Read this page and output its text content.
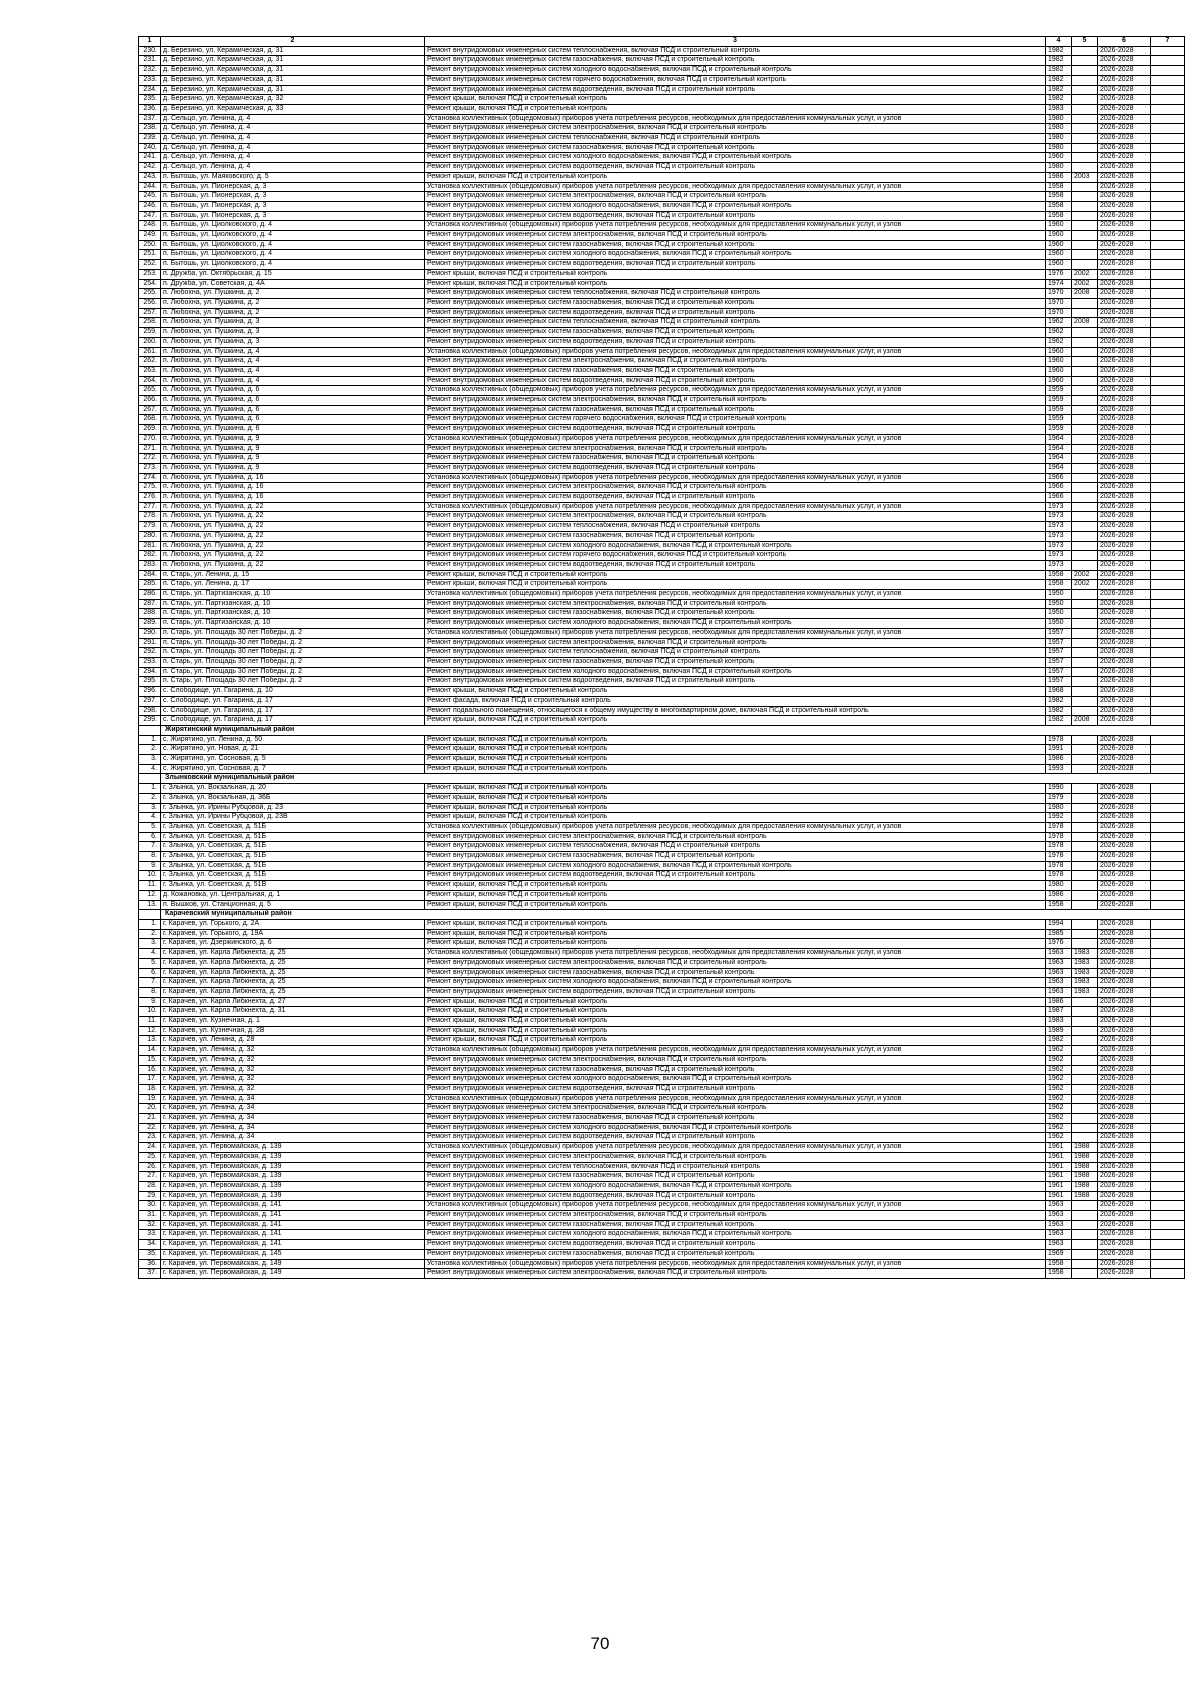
1	2	3	4	5	6	7
230.	д. Березино, ул. Керамическая, д. 31	Ремонт внутридомовых инженерных систем теплоснабжения, включая ПСД и строительный контроль	1982		2026-2028	
231.	д. Березино, ул. Керамическая, д. 31	Ремонт внутридомовых инженерных систем газоснабжения, включая ПСД и строительный контроль	1982		2026-2028	
232.	д. Березино, ул. Керамическая, д. 31	Ремонт внутридомовых инженерных систем холодного водоснабжения, включая ПСД и строительный контроль	1982		2026-2028	
233.	д. Березино, ул. Керамическая, д. 31	Ремонт внутридомовых инженерных систем горячего водоснабжения, включая ПСД и строительный контроль	1982		2026-2028	
234.	д. Березино, ул. Керамическая, д. 31	Ремонт внутридомовых инженерных систем водоотведения, включая ПСД и строительный контроль	1982		2026-2028	
235.	д. Березино, ул. Керамическая, д. 32	Ремонт крыши, включая ПСД и строительный контроль	1982		2026-2028	
236.	д. Березино, ул. Керамическая, д. 33	Ремонт крыши, включая ПСД и строительный контроль	1983		2026-2028	
237.	д. Сельцо, ул. Ленина, д. 4	Установка коллективных (общедомовых) приборов учета потребления ресурсов, необходимых для предоставления коммунальных услуг, и узлов	1980		2026-2028	
238.	д. Сельцо, ул. Ленина, д. 4	Ремонт внутридомовых инженерных систем электроснабжения, включая ПСД и строительный контроль	1980		2026-2028	
239.	д. Сельцо, ул. Ленина, д. 4	Ремонт внутридомовых инженерных систем теплоснабжения, включая ПСД и строительный контроль	1980		2026-2028	
240.	д. Сельцо, ул. Ленина, д. 4	Ремонт внутридомовых инженерных систем газоснабжения, включая ПСД и строительный контроль	1980		2026-2028	
241.	д. Сельцо, ул. Ленина, д. 4	Ремонт внутридомовых инженерных систем холодного водоснабжения, включая ПСД и строительный контроль	1960		2026-2028	
242.	д. Сельцо, ул. Ленина, д. 4	Ремонт внутридомовых инженерных систем водоотведения, включая ПСД и строительный контроль	1980		2026-2028	
243.	п. Бытошь, ул. Маяковского, д. 5	Ремонт крыши, включая ПСД и строительный контроль	1986	2003	2026-2028	
244.	п. Бытошь, ул. Пионерская, д. 3	Установка коллективных (общедомовых) приборов учета потребления ресурсов, необходимых для предоставления коммунальных услуг, и узлов	1958		2026-2028	
245.	п. Бытошь, ул. Пионерская, д. 3	Ремонт внутридомовых инженерных систем электроснабжения, включая ПСД и строительный контроль	1958		2026-2028	
246.	п. Бытошь, ул. Пионерская, д. 3	Ремонт внутридомовых инженерных систем холодного водоснабжения, включая ПСД и строительный контроль	1958		2026-2028	
247.	п. Бытошь, ул. Пионерская, д. 3	Ремонт внутридомовых инженерных систем водоотведения, включая ПСД и строительный контроль	1958		2026-2028	
248.	п. Бытошь, ул. Циолковского, д. 4	Установка коллективных (общедомовых) приборов учета потребления ресурсов, необходимых для предоставления коммунальных услуг, и узлов	1960		2026-2028	
249.	п. Бытошь, ул. Циолковского, д. 4	Ремонт внутридомовых инженерных систем электроснабжения, включая ПСД и строительный контроль	1960		2026-2028	
250.	п. Бытошь, ул. Циолковского, д. 4	Ремонт внутридомовых инженерных систем газоснабжения, включая ПСД и строительный контроль	1960		2026-2028	
251.	п. Бытошь, ул. Циолковского, д. 4	Ремонт внутридомовых инженерных систем холодного водоснабжения, включая ПСД и строительный контроль	1960		2026-2028	
252.	п. Бытошь, ул. Циолковского, д. 4	Ремонт внутридомовых инженерных систем водоотведения, включая ПСД и строительный контроль	1960		2026-2028	
253.	п. Дружба, ул. Октябрьская, д. 15	Ремонт крыши, включая ПСД и строительный контроль	1976	2002	2026-2028	
254.	п. Дружба, ул. Советская, д. 4А	Ремонт крыши, включая ПСД и строительный контроль	1974	2002	2026-2028	
255.	п. Любохна, ул. Пушкина, д. 2	Ремонт внутридомовых инженерных систем теплоснабжения, включая ПСД и строительный контроль	1970	2008	2026-2028	
256.	п. Любохна, ул. Пушкина, д. 2	Ремонт внутридомовых инженерных систем газоснабжения, включая ПСД и строительный контроль	1970		2026-2028	
257.	п. Любохна, ул. Пушкина, д. 2	Ремонт внутридомовых инженерных систем водоотведения, включая ПСД и строительный контроль	1970		2026-2028	
258.	п. Любохна, ул. Пушкина, д. 3	Ремонт внутридомовых инженерных систем теплоснабжения, включая ПСД и строительный контроль	1962	2008	2026-2028	
259.	п. Любохна, ул. Пушкина, д. 3	Ремонт внутридомовых инженерных систем газоснабжения, включая ПСД и строительный контроль	1962		2026-2028	
260.	п. Любохна, ул. Пушкина, д. 3	Ремонт внутридомовых инженерных систем водоотведения, включая ПСД и строительный контроль	1962		2026-2028	
261.	п. Любохна, ул. Пушкина, д. 4	Установка коллективных (общедомовых) приборов учета потребления ресурсов, необходимых для предоставления коммунальных услуг, и узлов	1960		2026-2028	
262.	п. Любохна, ул. Пушкина, д. 4	Ремонт внутридомовых инженерных систем электроснабжения, включая ПСД и строительный контроль	1960		2026-2028	
263.	п. Любохна, ул. Пушкина, д. 4	Ремонт внутридомовых инженерных систем газоснабжения, включая ПСД и строительный контроль	1960		2026-2028	
264.	п. Любохна, ул. Пушкина, д. 4	Ремонт внутридомовых инженерных систем водоотведения, включая ПСД и строительный контроль	1960		2026-2028	
265.	п. Любохна, ул. Пушкина, д. 6	Установка коллективных (общедомовых) приборов учета потребления ресурсов, необходимых для предоставления коммунальных услуг, и узлов	1959		2026-2028	
266.	п. Любохна, ул. Пушкина, д. 6	Ремонт внутридомовых инженерных систем электроснабжения, включая ПСД и строительный контроль	1959		2026-2028	
267.	п. Любохна, ул. Пушкина, д. 6	Ремонт внутридомовых инженерных систем газоснабжения, включая ПСД и строительный контроль	1959		2026-2028	
268.	п. Любохна, ул. Пушкина, д. 6	Ремонт внутридомовых инженерных систем горячего водоснабжения, включая ПСД и строительный контроль	1959		2026-2028	
269.	п. Любохна, ул. Пушкина, д. 6	Ремонт внутридомовых инженерных систем водоотведения, включая ПСД и строительный контроль	1959		2026-2028	
270.	п. Любохна, ул. Пушкина, д. 9	Установка коллективных (общедомовых) приборов учета потребления ресурсов, необходимых для предоставления коммунальных услуг, и узлов	1964		2026-2028	
271.	п. Любохна, ул. Пушкина, д. 9	Ремонт внутридомовых инженерных систем электроснабжения, включая ПСД и строительный контроль	1964		2026-2028	
272.	п. Любохна, ул. Пушкина, д. 9	Ремонт внутридомовых инженерных систем газоснабжения, включая ПСД и строительный контроль	1964		2026-2028	
273.	п. Любохна, ул. Пушкина, д. 9	Ремонт внутридомовых инженерных систем водоотведения, включая ПСД и строительный контроль	1964		2026-2028	
274.	п. Любохна, ул. Пушкина, д. 16	Установка коллективных (общедомовых) приборов учета потребления ресурсов, необходимых для предоставления коммунальных услуг, и узлов	1966		2026-2028	
275.	п. Любохна, ул. Пушкина, д. 16	Ремонт внутридомовых инженерных систем электроснабжения, включая ПСД и строительный контроль	1966		2026-2028	
276.	п. Любохна, ул. Пушкина, д. 16	Ремонт внутридомовых инженерных систем водоотведения, включая ПСД и строительный контроль	1966		2026-2028	
277.	п. Любохна, ул. Пушкина, д. 22	Установка коллективных (общедомовых) приборов учета потребления ресурсов, необходимых для предоставления коммунальных услуг, и узлов	1973		2026-2028	
278.	п. Любохна, ул. Пушкина, д. 22	Ремонт внутридомовых инженерных систем электроснабжения, включая ПСД и строительный контроль	1973		2026-2028	
279.	п. Любохна, ул. Пушкина, д. 22	Ремонт внутридомовых инженерных систем теплоснабжения, включая ПСД и строительный контроль	1973		2026-2028	
280.	п. Любохна, ул. Пушкина, д. 22	Ремонт внутридомовых инженерных систем газоснабжения, включая ПСД и строительный контроль	1973		2026-2028	
281.	п. Любохна, ул. Пушкина, д. 22	Ремонт внутридомовых инженерных систем холодного водоснабжения, включая ПСД и строительный контроль	1973		2026-2028	
282.	п. Любохна, ул. Пушкина, д. 22	Ремонт внутридомовых инженерных систем горячего водоснабжения, включая ПСД и строительный контроль	1973		2026-2028	
283.	п. Любохна, ул. Пушкина, д. 22	Ремонт внутридомовых инженерных систем водоотведения, включая ПСД и строительный контроль	1973		2026-2028	
284.	п. Старь, ул. Ленина, д. 15	Ремонт крыши, включая ПСД и строительный контроль	1958	2002	2026-2028	
285.	п. Старь, ул. Ленина, д. 17	Ремонт крыши, включая ПСД и строительный контроль	1958	2002	2026-2028	
286.	п. Старь, ул. Партизанская, д. 10	Установка коллективных (общедомовых) приборов учета потребления ресурсов, необходимых для предоставления коммунальных услуг, и узлов	1950		2026-2028	
287.	п. Старь, ул. Партизанская, д. 10	Ремонт внутридомовых инженерных систем электроснабжения, включая ПСД и строительный контроль	1950		2026-2028	
288.	п. Старь, ул. Партизанская, д. 10	Ремонт внутридомовых инженерных систем газоснабжения, включая ПСД и строительный контроль	1950		2026-2028	
289.	п. Старь, ул. Партизанская, д. 10	Ремонт внутридомовых инженерных систем холодного водоснабжения, включая ПСД и строительный контроль	1950		2026-2028	
290.	п. Старь, ул. Площадь 30 лет Победы, д. 2	Установка коллективных (общедомовых) приборов учета потребления ресурсов, необходимых для предоставления коммунальных услуг, и узлов	1957		2026-2028	
291.	п. Старь, ул. Площадь 30 лет Победы, д. 2	Ремонт внутридомовых инженерных систем электроснабжения, включая ПСД и строительный контроль	1957		2026-2028	
292.	п. Старь, ул. Площадь 30 лет Победы, д. 2	Ремонт внутридомовых инженерных систем теплоснабжения, включая ПСД и строительный контроль	1957		2026-2028	
293.	п. Старь, ул. Площадь 30 лет Победы, д. 2	Ремонт внутридомовых инженерных систем газоснабжения, включая ПСД и строительный контроль	1957		2026-2028	
294.	п. Старь, ул. Площадь 30 лет Победы, д. 2	Ремонт внутридомовых инженерных систем холодного водоснабжения, включая ПСД и строительный контроль	1957		2026-2028	
295.	п. Старь, ул. Площадь 30 лет Победы, д. 2	Ремонт внутридомовых инженерных систем водоотведения, включая ПСД и строительный контроль	1957		2026-2028	
296.	с. Слободище, ул. Гагарина, д. 10	Ремонт крыши, включая ПСД и строительный контроль	1968		2026-2028	
297.	с. Слободище, ул. Гагарина, д. 17	Ремонт фасада, включая ПСД и строительный контроль	1982		2026-2028	
298.	с. Слободище, ул. Гагарина, д. 17	Ремонт подвального помещения, относящегося к общему имуществу в многоквартирном доме, включая ПСД и строительный контроль	1982		2026-2028	
299.	с. Слободище, ул. Гагарина, д. 17	Ремонт крыши, включая ПСД и строительный контроль	1982	2008	2026-2028	
	Жирятинский муниципальный район					
1.	с. Жирятино, ул. Ленина, д. 50	Ремонт крыши, включая ПСД и строительный контроль	1978		2026-2028	
2.	с. Жирятино, ул. Новая, д. 21	Ремонт крыши, включая ПСД и строительный контроль	1991		2026-2028	
3.	с. Жирятино, ул. Сосновая, д. 5	Ремонт крыши, включая ПСД и строительный контроль	1986		2026-2028	
4.	с. Жирятино, ул. Сосновая, д. 7	Ремонт крыши, включая ПСД и строительный контроль	1993		2026-2028	
	Злынковский муниципальный район					
1.	г. Злынка, ул. Вокзальная, д. 20	Ремонт крыши, включая ПСД и строительный контроль	1990		2026-2028	
2.	г. Злынка, ул. Вокзальная, д. 36Б	Ремонт крыши, включая ПСД и строительный контроль	1979		2026-2028	
3.	г. Злынка, ул. Ирины Рубцовой, д. 23	Ремонт крыши, включая ПСД и строительный контроль	1980		2026-2028	
4.	г. Злынка, ул. Ирины Рубцовой, д. 23В	Ремонт крыши, включая ПСД и строительный контроль	1992		2026-2028	
5.	г. Злынка, ул. Советская, д. 51Б	Установка коллективных (общедомовых) приборов учета потребления ресурсов, необходимых для предоставления коммунальных услуг, и узлов	1978		2026-2028	
6.	г. Злынка, ул. Советская, д. 51Б	Ремонт внутридомовых инженерных систем электроснабжения, включая ПСД и строительный контроль	1978		2026-2028	
7.	г. Злынка, ул. Советская, д. 51Б	Ремонт внутридомовых инженерных систем теплоснабжения, включая ПСД и строительный контроль	1978		2026-2028	
8.	г. Злынка, ул. Советская, д. 51Б	Ремонт внутридомовых инженерных систем газоснабжения, включая ПСД и строительный контроль	1978		2026-2028	
9.	г. Злынка, ул. Советская, д. 51Б	Ремонт внутридомовых инженерных систем холодного водоснабжения, включая ПСД и строительный контроль	1978		2026-2028	
10.	г. Злынка, ул. Советская, д. 51Б	Ремонт внутридомовых инженерных систем водоотведения, включая ПСД и строительный контроль	1978		2026-2028	
11.	г. Злынка, ул. Советская, д. 51В	Ремонт крыши, включая ПСД и строительный контроль	1980		2026-2028	
12.	д. Кожановка, ул. Центральная, д. 1	Ремонт крыши, включая ПСД и строительный контроль	1986		2026-2028	
13.	п. Вышков, ул. Станционная, д. 5	Ремонт крыши, включая ПСД и строительный контроль	1958		2026-2028	
	Карачевский муниципальный район					
1.	г. Карачев, ул. Горького, д. 2А	Ремонт крыши, включая ПСД и строительный контроль	1994		2026-2028	
2.	г. Карачев, ул. Горького, д. 19А	Ремонт крыши, включая ПСД и строительный контроль	1985		2026-2028	
3.	г. Карачев, ул. Дзержинского, д. 6	Ремонт крыши, включая ПСД и строительный контроль	1976		2026-2028	
4.	г. Карачев, ул. Карла Либкнехта, д. 25	Установка коллективных (общедомовых) приборов учета потребления ресурсов, необходимых для предоставления коммунальных услуг, и узлов	1963	1983	2026-2028	
5.	г. Карачев, ул. Карла Либкнехта, д. 25	Ремонт внутридомовых инженерных систем электроснабжения, включая ПСД и строительный контроль	1963	1983	2026-2028	
6.	г. Карачев, ул. Карла Либкнехта, д. 25	Ремонт внутридомовых инженерных систем газоснабжения, включая ПСД и строительный контроль	1963	1983	2026-2028	
7.	г. Карачев, ул. Карла Либкнехта, д. 25	Ремонт внутридомовых инженерных систем холодного водоснабжения, включая ПСД и строительный контроль	1963	1983	2026-2028	
8.	г. Карачев, ул. Карла Либкнехта, д. 25	Ремонт внутридомовых инженерных систем водоотведения, включая ПСД и строительный контроль	1963	1983	2026-2028	
9.	г. Карачев, ул. Карла Либкнехта, д. 27	Ремонт крыши, включая ПСД и строительный контроль	1986		2026-2028	
10.	г. Карачев, ул. Карла Либкнехта, д. 31	Ремонт крыши, включая ПСД и строительный контроль	1987		2026-2028	
11.	г. Карачев, ул. Кузнечная, д. 1	Ремонт крыши, включая ПСД и строительный контроль	1983		2026-2028	
12.	г. Карачев, ул. Кузнечная, д. 2В	Ремонт крыши, включая ПСД и строительный контроль	1989		2026-2028	
13.	г. Карачев, ул. Ленина, д. 28	Ремонт крыши, включая ПСД и строительный контроль	1982		2026-2028	
14.	г. Карачев, ул. Ленина, д. 32	Установка коллективных (общедомовых) приборов учета потребления ресурсов, необходимых для предоставления коммунальных услуг, и узлов	1962		2026-2028	
15.	г. Карачев, ул. Ленина, д. 32	Ремонт внутридомовых инженерных систем электроснабжения, включая ПСД и строительный контроль	1962		2026-2028	
16.	г. Карачев, ул. Ленина, д. 32	Ремонт внутридомовых инженерных систем газоснабжения, включая ПСД и строительный контроль	1962		2026-2028	
17.	г. Карачев, ул. Ленина, д. 32	Ремонт внутридомовых инженерных систем холодного водоснабжения, включая ПСД и строительный контроль	1962		2026-2028	
18.	г. Карачев, ул. Ленина, д. 32	Ремонт внутридомовых инженерных систем водоотведения, включая ПСД и строительный контроль	1962		2026-2028	
19.	г. Карачев, ул. Ленина, д. 34	Установка коллективных (общедомовых) приборов учета потребления ресурсов, необходимых для предоставления коммунальных услуг, и узлов	1962		2026-2028	
20.	г. Карачев, ул. Ленина, д. 34	Ремонт внутридомовых инженерных систем электроснабжения, включая ПСД и строительный контроль	1962		2026-2028	
21.	г. Карачев, ул. Ленина, д. 34	Ремонт внутридомовых инженерных систем газоснабжения, включая ПСД и строительный контроль	1962		2026-2028	
22.	г. Карачев, ул. Ленина, д. 34	Ремонт внутридомовых инженерных систем холодного водоснабжения, включая ПСД и строительный контроль	1962		2026-2028	
23.	г. Карачев, ул. Ленина, д. 34	Ремонт внутридомовых инженерных систем водоотведения, включая ПСД и строительный контроль	1962		2026-2028	
24.	г. Карачев, ул. Первомайская, д. 139	Установка коллективных (общедомовых) приборов учета потребления ресурсов, необходимых для предоставления коммунальных услуг, и узлов	1961	1988	2026-2028	
25.	г. Карачев, ул. Первомайская, д. 139	Ремонт внутридомовых инженерных систем электроснабжения, включая ПСД и строительный контроль	1961	1988	2026-2028	
26.	г. Карачев, ул. Первомайская, д. 139	Ремонт внутридомовых инженерных систем теплоснабжения, включая ПСД и строительный контроль	1961	1988	2026-2028	
27.	г. Карачев, ул. Первомайская, д. 139	Ремонт внутридомовых инженерных систем газоснабжения, включая ПСД и строительный контроль	1961	1988	2026-2028	
28.	г. Карачев, ул. Первомайская, д. 139	Ремонт внутридомовых инженерных систем холодного водоснабжения, включая ПСД и строительный контроль	1961	1988	2026-2028	
29.	г. Карачев, ул. Первомайская, д. 139	Ремонт внутридомовых инженерных систем водоотведения, включая ПСД и строительный контроль	1961	1988	2026-2028	
30.	г. Карачев, ул. Первомайская, д. 141	Установка коллективных (общедомовых) приборов учета потребления ресурсов, необходимых для предоставления коммунальных услуг, и узлов	1963		2026-2028	
31.	г. Карачев, ул. Первомайская, д. 141	Ремонт внутридомовых инженерных систем электроснабжения, включая ПСД и строительный контроль	1963		2026-2028	
32.	г. Карачев, ул. Первомайская, д. 141	Ремонт внутридомовых инженерных систем газоснабжения, включая ПСД и строительный контроль	1963		2026-2028	
33.	г. Карачев, ул. Первомайская, д. 141	Ремонт внутридомовых инженерных систем холодного водоснабжения, включая ПСД и строительный контроль	1963		2026-2028	
34.	г. Карачев, ул. Первомайская, д. 141	Ремонт внутридомовых инженерных систем водоотведения, включая ПСД и строительный контроль	1963		2026-2028	
35.	г. Карачев, ул. Первомайская, д. 145	Ремонт внутридомовых инженерных систем газоснабжения, включая ПСД и строительный контроль	1969		2026-2028	
36.	г. Карачев, ул. Первомайская, д. 149	Установка коллективных (общедомовых) приборов учета потребления ресурсов, необходимых для предоставления коммунальных услуг, и узлов	1958		2026-2028	
37.	г. Карачев, ул. Первомайская, д. 149	Ремонт внутридомовых инженерных систем электроснабжения, включая ПСД и строительный контроль	1958		2026-2028	
70
